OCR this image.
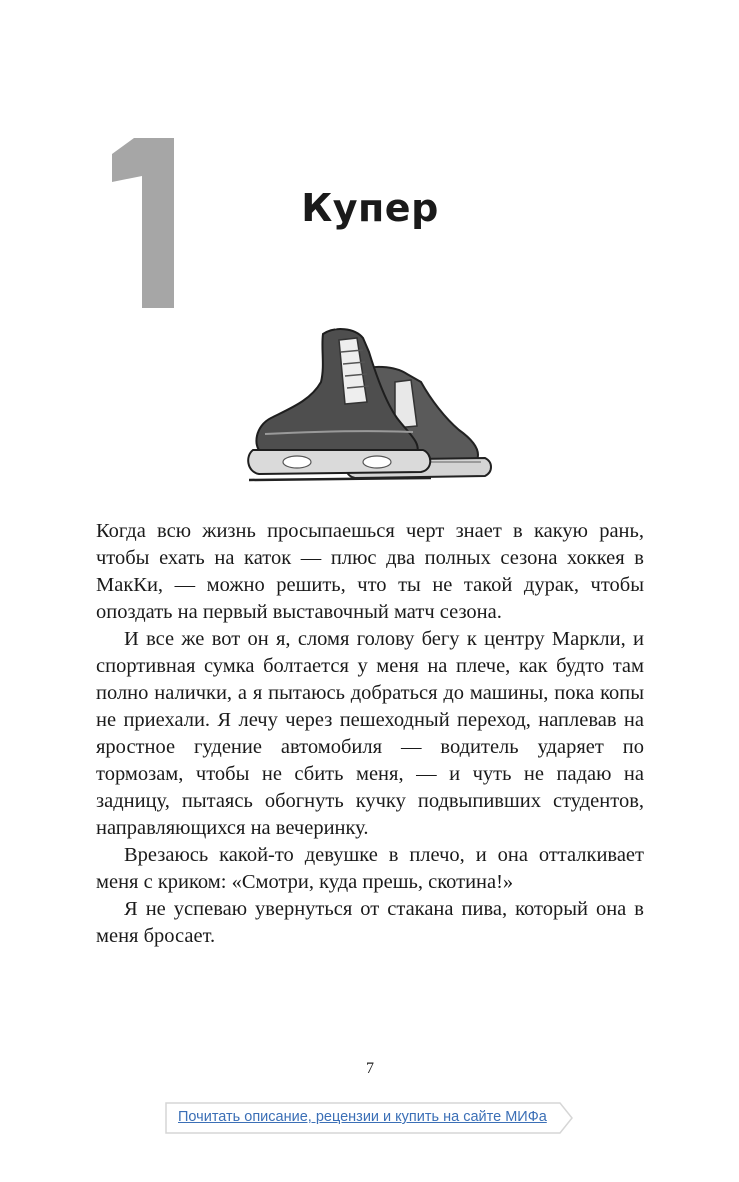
Купер

Когда всю жизнь просыпаешься черт знает в какую рань, чтобы ехать на каток — плюс два полных сезона хоккея в МакКи, — можно решить, что ты не такой дурак, чтобы опоздать на первый выставочный матч сезона.

И все же вот он я, сломя голову бегу к центру Маркли, и спортивная сумка болтается у меня на плече, как будто там полно налички, а я пытаюсь добраться до машины, пока копы не приехали. Я лечу через пешеходный переход, наплевав на яростное гудение автомобиля — водитель ударяет по тормозам, чтобы не сбить меня, — и чуть не падаю на задницу, пытаясь обогнуть кучку подвыпивших студентов, направляющихся на вечеринку.

Врезаюсь какой-то девушке в плечо, и она отталкивает меня с криком: «Смотри, куда прешь, скотина!»

Я не успеваю увернуться от стакана пива, который она в меня бросает.

7
Почитать описание, рецензии и купить на сайте МИФа
